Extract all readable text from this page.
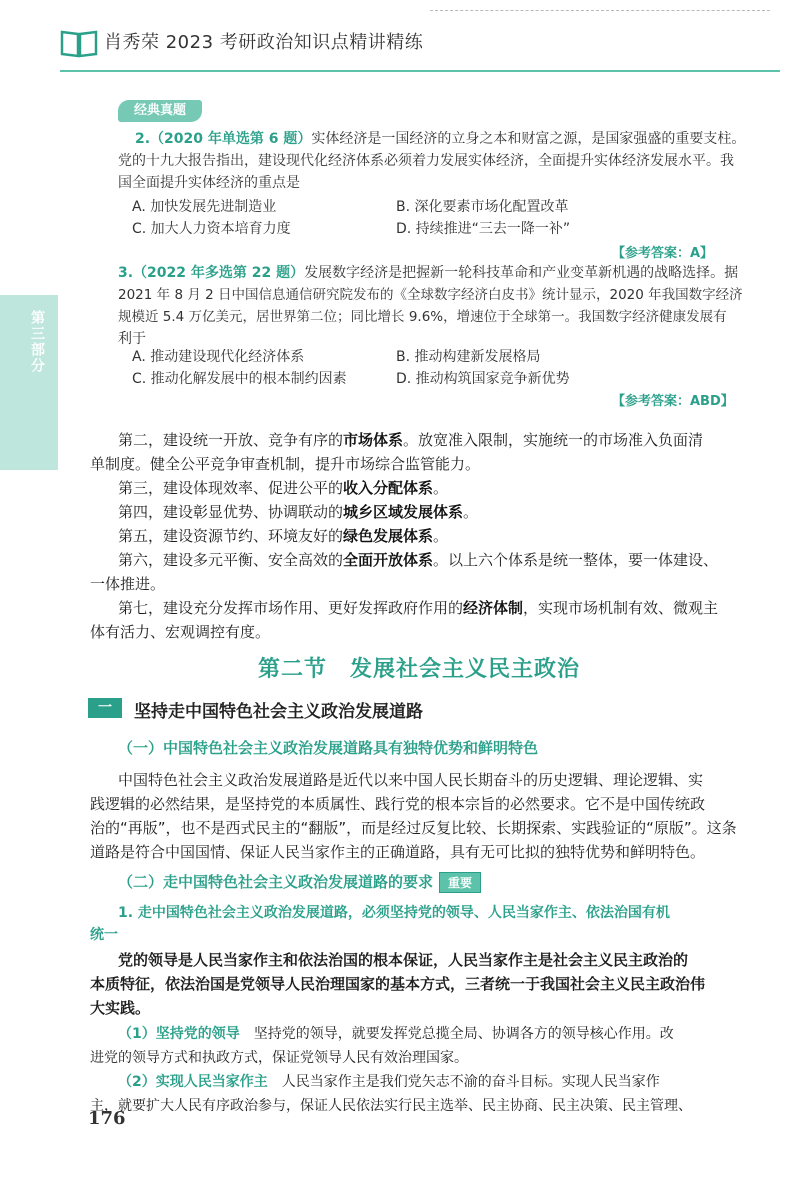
肖秀荣 2023 考研政治知识点精讲精练
第三部分
经典真题
2.（2020 年单选第 6 题）实体经济是一国经济的立身之本和财富之源，是国家强盛的重要支柱。
党的十九大报告指出，建设现代化经济体系必须着力发展实体经济，全面提升实体经济发展水平。我
国全面提升实体经济的重点是
A. 加快发展先进制造业	B. 深化要素市场化配置改革
C. 加大人力资本培育力度	D. 持续推进“三去一降一补”
【参考答案：A】
3.（2022 年多选第 22 题）发展数字经济是把握新一轮科技革命和产业变革新机遇的战略选择。据
2021 年 8 月 2 日中国信息通信研究院发布的《全球数字经济白皮书》统计显示，2020 年我国数字经济
规模近 5.4 万亿美元，居世界第二位；同比增长 9.6%，增速位于全球第一。我国数字经济健康发展有
利于
A. 推动建设现代化经济体系	B. 推动构建新发展格局
C. 推动化解发展中的根本制约因素	D. 推动构筑国家竞争新优势
【参考答案：ABD】
第二，建设统一开放、竞争有序的市场体系。放宽准入限制，实施统一的市场准入负面清
单制度。健全公平竞争审查机制，提升市场综合监管能力。
第三，建设体现效率、促进公平的收入分配体系。
第四，建设彰显优势、协调联动的城乡区域发展体系。
第五，建设资源节约、环境友好的绿色发展体系。
第六，建设多元平衡、安全高效的全面开放体系。以上六个体系是统一整体，要一体建设、
一体推进。
第七，建设充分发挥市场作用、更好发挥政府作用的经济体制，实现市场机制有效、微观主
体有活力、宏观调控有度。
第二节　发展社会主义民主政治
一	坚持走中国特色社会主义政治发展道路
（一）中国特色社会主义政治发展道路具有独特优势和鲜明特色
中国特色社会主义政治发展道路是近代以来中国人民长期奋斗的历史逻辑、理论逻辑、实
践逻辑的必然结果，是坚持党的本质属性、践行党的根本宗旨的必然要求。它不是中国传统政
治的“再版”，也不是西式民主的“翻版”，而是经过反复比较、长期探索、实践验证的“原版”。这条
道路是符合中国国情、保证人民当家作主的正确道路，具有无可比拟的独特优势和鲜明特色。
（二）走中国特色社会主义政治发展道路的要求 重要
1. 走中国特色社会主义政治发展道路，必须坚持党的领导、人民当家作主、依法治国有机
统一
党的领导是人民当家作主和依法治国的根本保证，人民当家作主是社会主义民主政治的
本质特征，依法治国是党领导人民治理国家的基本方式，三者统一于我国社会主义民主政治伟
大实践。
（1）坚持党的领导　 坚持党的领导，就要发挥党总揽全局、协调各方的领导核心作用。改
进党的领导方式和执政方式，保证党领导人民有效治理国家。
（2）实现人民当家作主　 人民当家作主是我们党矢志不渝的奋斗目标。实现人民当家作
主，就要扩大人民有序政治参与，保证人民依法实行民主选举、民主协商、民主决策、民主管理、
176
